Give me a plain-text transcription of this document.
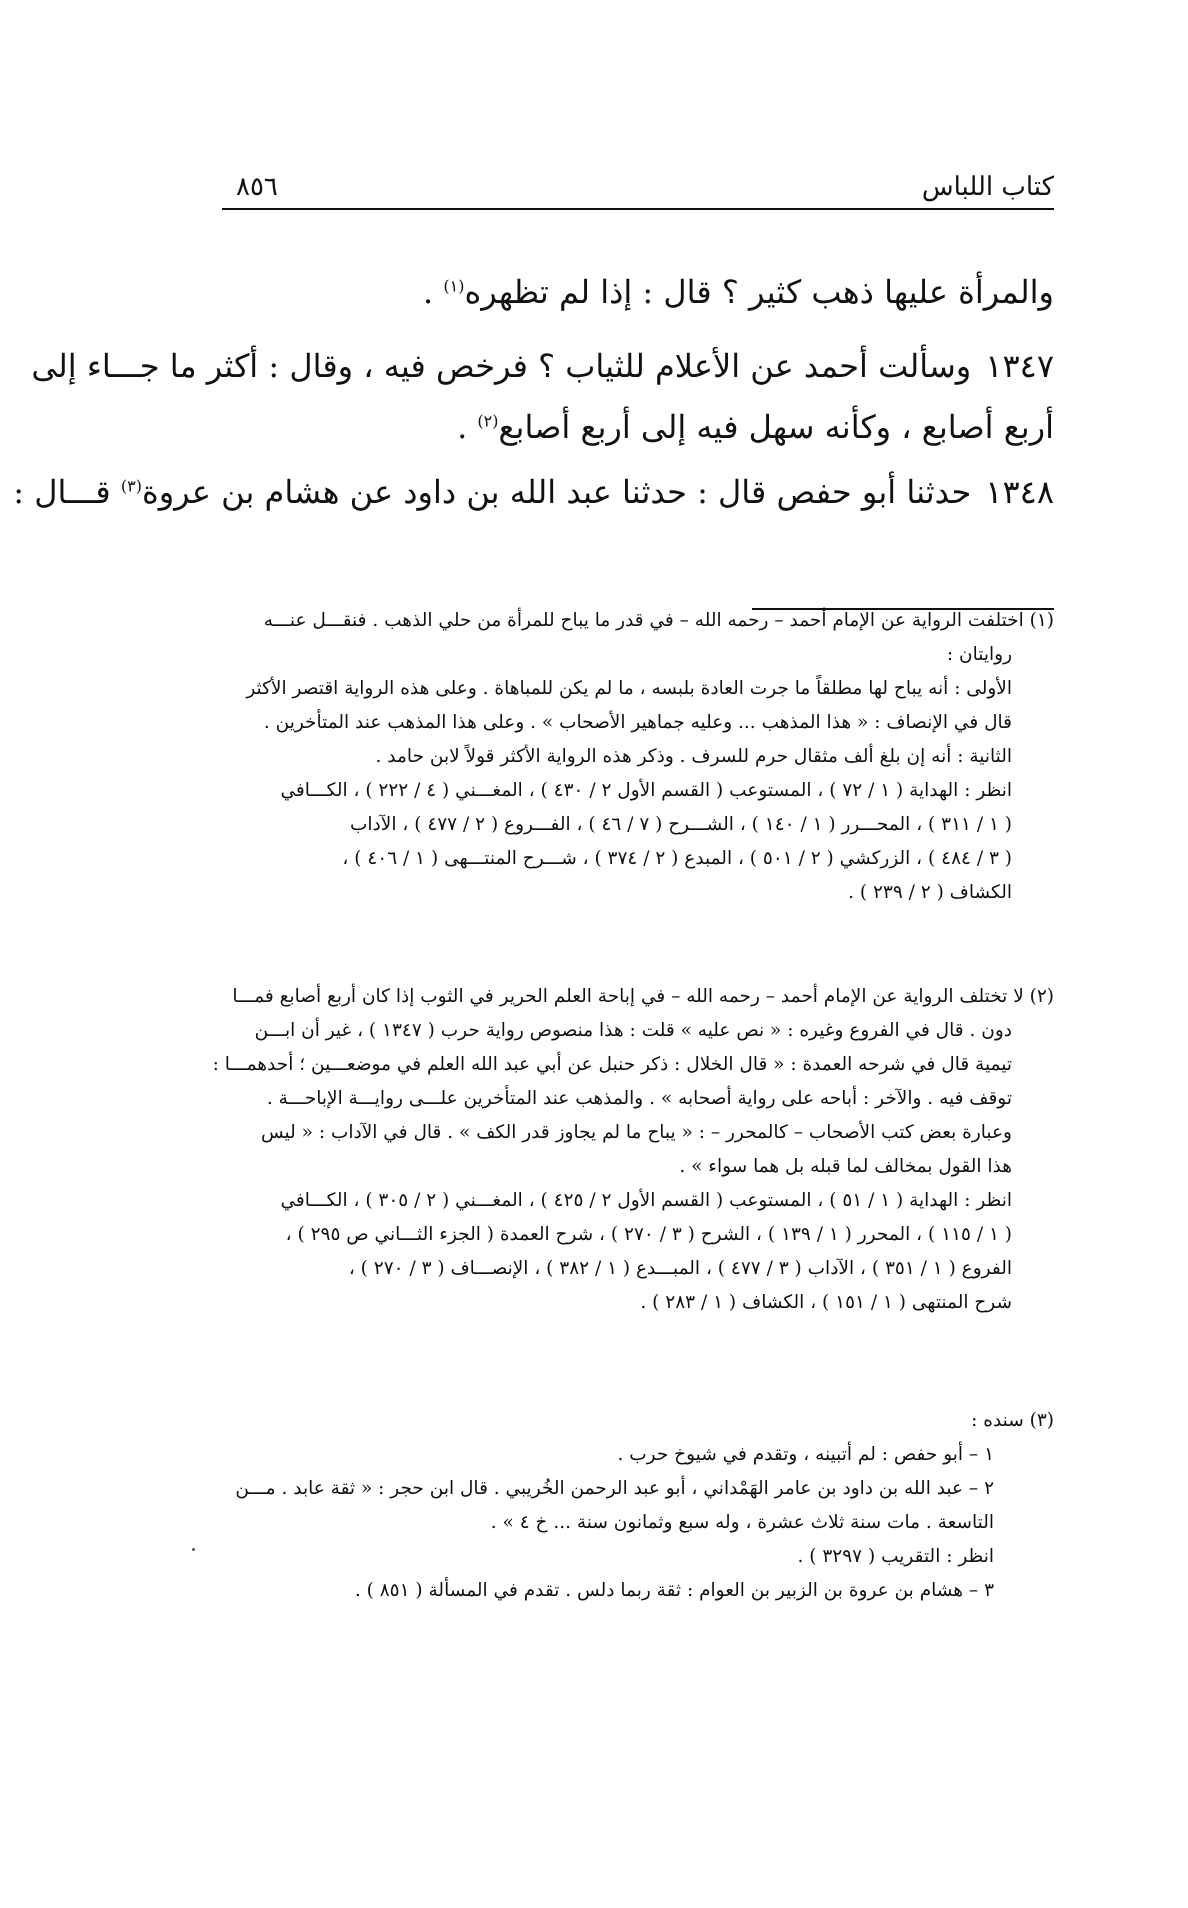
كتاب اللباس
٨٥٦
والمرأة عليها ذهب كثير ؟ قال : إذا لم تظهره$^{(١)}$ .
١٣٤٧وسألت أحمد عن الأعلام للثياب ؟ فرخص فيه ، وقال : أكثر ما جـــاء إلى
أربع أصابع ، وكأنه سهل فيه إلى أربع أصابع$^{(٢)}$ .
١٣٤٨حدثنا أبو حفص قال : حدثنا عبد الله بن داود عن هشام بن عروة$^{(٣)}$ قـــال :
(١) اختلفت الرواية عن الإمام أحمد – رحمه الله – في قدر ما يباح للمرأة من حلي الذهب . فنقـــل عنـــه
روايتان :
الأولى : أنه يباح لها مطلقاً ما جرت العادة بلبسه ، ما لم يكن للمباهاة . وعلى هذه الرواية اقتصر الأكثر
قال في الإنصاف : « هذا المذهب ... وعليه جماهير الأصحاب » . وعلى هذا المذهب عند المتأخرين .
الثانية : أنه إن بلغ ألف مثقال حرم للسرف . وذكر هذه الرواية الأكثر قولاً لابن حامد .
انظر : الهداية ( ١ / ٧٢ ) ، المستوعب ( القسم الأول ٢ / ٤٣٠ ) ، المغـــني ( ٤ / ٢٢٢ ) ، الكـــافي
( ١ / ٣١١ ) ، المحـــرر ( ١ / ١٤٠ ) ، الشـــرح ( ٧ / ٤٦ ) ، الفـــروع ( ٢ / ٤٧٧ ) ، الآداب
( ٣ / ٤٨٤ ) ، الزركشي ( ٢ / ٥٠١ ) ، المبدع ( ٢ / ٣٧٤ ) ، شـــرح المنتـــهى ( ١ / ٤٠٦ ) ،
الكشاف ( ٢ / ٢٣٩ ) .
(٢) لا تختلف الرواية عن الإمام أحمد – رحمه الله – في إباحة العلم الحرير في الثوب إذا كان أربع أصابع فمـــا
دون . قال في الفروع وغيره : « نص عليه » قلت : هذا منصوص رواية حرب ( ١٣٤٧ ) ، غير أن ابـــن
تيمية قال في شرحه العمدة : « قال الخلال : ذكر حنبل عن أبي عبد الله العلم في موضعـــين ؛ أحدهمـــا :
توقف فيه . والآخر : أباحه على رواية أصحابه » . والمذهب عند المتأخرين علـــى روايـــة الإباحـــة .
وعبارة بعض كتب الأصحاب – كالمحرر – : « يباح ما لم يجاوز قدر الكف » . قال في الآداب : « ليس
هذا القول بمخالف لما قبله بل هما سواء » .
انظر : الهداية ( ١ / ٥١ ) ، المستوعب ( القسم الأول ٢ / ٤٢٥ ) ، المغـــني ( ٢ / ٣٠٥ ) ، الكـــافي
( ١ / ١١٥ ) ، المحرر ( ١ / ١٣٩ ) ، الشرح ( ٣ / ٢٧٠ ) ، شرح العمدة ( الجزء الثـــاني ص ٢٩٥ ) ،
الفروع ( ١ / ٣٥١ ) ، الآداب ( ٣ / ٤٧٧ ) ، المبـــدع ( ١ / ٣٨٢ ) ، الإنصـــاف ( ٣ / ٢٧٠ ) ،
شرح المنتهى ( ١ / ١٥١ ) ، الكشاف ( ١ / ٢٨٣ ) .
(٣) سنده :
١ – أبو حفص : لم أتبينه ، وتقدم في شيوخ حرب .
٢ – عبد الله بن داود بن عامر الهَمْداني ، أبو عبد الرحمن الخُريبي . قال ابن حجر : « ثقة عابد . مـــن
التاسعة . مات سنة ثلاث عشرة ، وله سبع وثمانون سنة ... خ ٤ » .
انظر : التقريب ( ٣٢٩٧ ) .
٣ – هشام بن عروة بن الزبير بن العوام : ثقة ربما دلس . تقدم في المسألة ( ٨٥١ ) .
